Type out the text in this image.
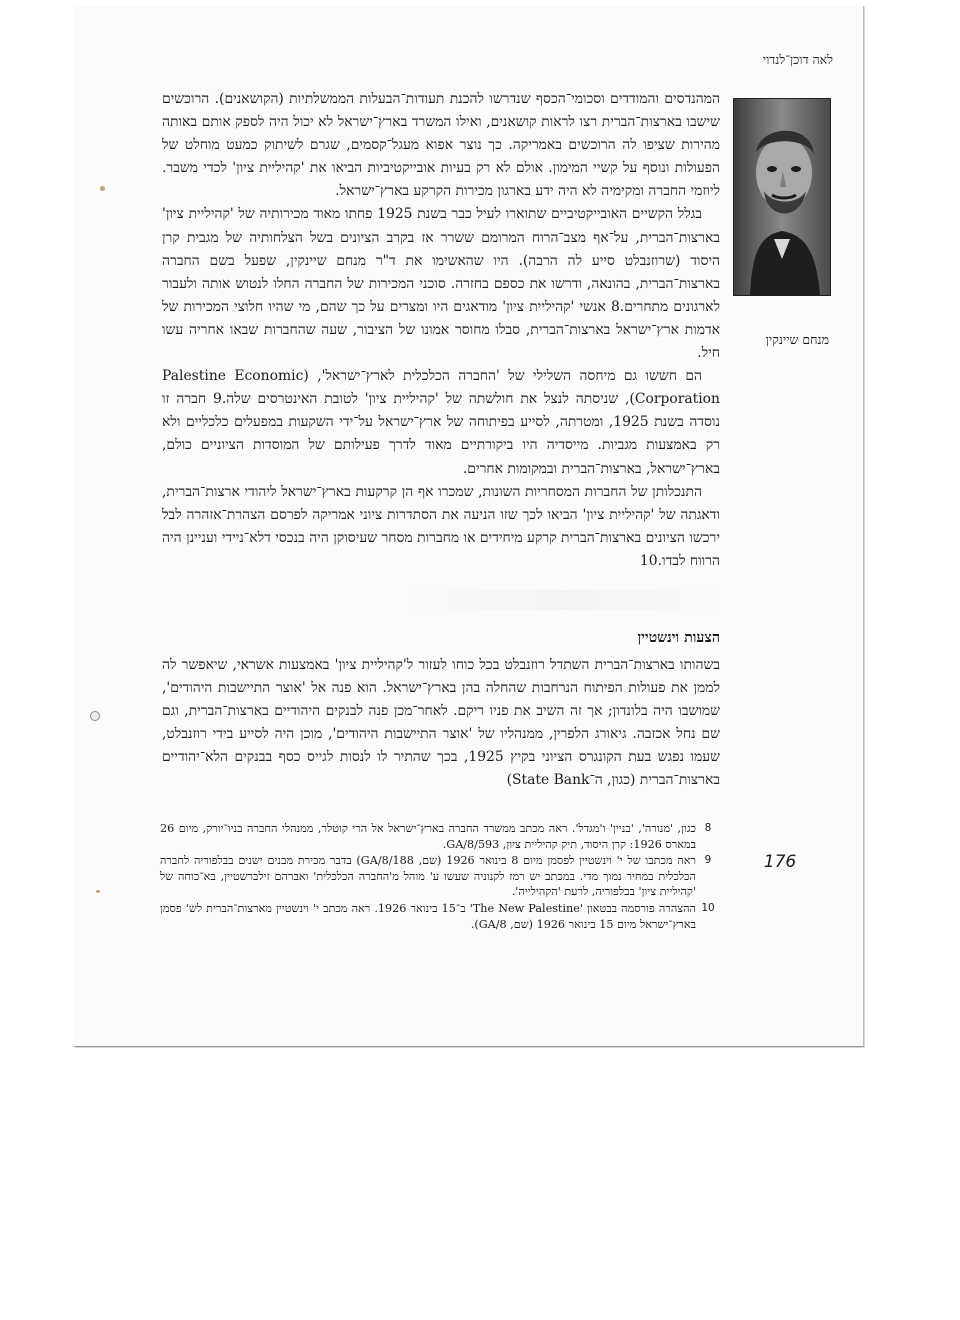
לאה דוכן־לנדוי
מנחם שיינקין

המהנדסים והמודדים וסכומי־הכסף שנדרשו להכנת תעודות־הבעלות הממשלתיות (הקושאנים). הרוכשים שישבו בארצות־הברית רצו לראות קושאנים, ואילו המשרד בארץ־ישראל לא יכול היה לספק אותם באותה מהירות שציפו לה הרוכשים באמריקה. כך נוצר אפוא מעגל־קסמים, שגרם לשיתוק כמעט מוחלט של הפעולות ונוסף על קשיי המימון. אולם לא רק בעיות אובייקטיביות הביאו את 'קהיליית ציון' לכדי משבר. ליוזמי החברה ומקימיה לא היה ידע בארגון מכירות הקרקע בארץ־ישראל.

בגלל הקשיים האובייקטיביים שתוארו לעיל כבר בשנת 1925 פחתו מאוד מכירותיה של 'קהיליית ציון' בארצות־הברית, על־אף מצב־הרוח המרומם ששרר אז בקרב הציונים בשל הצלחותיה של מגבית קרן היסוד (שרוזנבלט סייע לה הרבה). היו שהאשימו את ד"ר מנחם שיינקין, שפעל בשם החברה בארצות־הברית, בהונאה, ודרשו את כספם בחזרה. סוכני המכירות של החברה החלו לנטוש אותה ולעבור לארגונים מתחרים.8 אנשי 'קהיליית ציון' מודאגים היו ומצרים על כך שהם, מי שהיו חלוצי המכירות של אדמות ארץ־ישראל בארצות־הברית, סבלו מחוסר אמונו של הציבור, שעה שהחברות שבאו אחריה עשו חיל.

הם חששו גם מיחסה השלילי של 'החברה הכלכלית לארץ־ישראל', (Palestine Economic Corporation), שניסתה לנצל את חולשתה של 'קהיליית ציון' לטובת האינטרסים שלה.9 חברה זו נוסדה בשנת 1925, ומטרתה, לסייע בפיתוחה של ארץ־ישראל על־ידי השקעות במפעלים כלכליים ולא רק באמצעות מגביות. מייסדיה היו ביקורתיים מאוד לדרך פעילותם של המוסדות הציוניים כולם, בארץ־ישראל, בארצות־הברית ובמקומות אחרים.

התנכלותן של החברות המסחריות השונות, שמכרו אף הן קרקעות בארץ־ישראל ליהודי ארצות־הברית, ודאגתה של 'קהיליית ציון' הביאו לכך שזו הניעה את הסתדרות ציוני אמריקה לפרסם הצהרת־אזהרה לבל ירכשו הציונים בארצות־הברית קרקע מיחידים או מחברות מסחר שעיסוקן היה בנכסי דלא־ניידי ועניינן היה הרווח לבדו.10

הצעות וינשטיין

בשהותו בארצות־הברית השתדל רוזנבלט בכל כוחו לעזור ל'קהיליית ציון' באמצעות אשראי, שיאפשר לה לממן את פעולות הפיתוח הנרחבות שהחלה בהן בארץ־ישראל. הוא פנה אל 'אוצר התיישבות היהודים', שמושבו היה בלונדון; אך זה השיב את פניו ריקם. לאחר־מכן פנה לבנקים היהודיים בארצות־הברית, וגם שם נחל אכזבה. גיאורג הלפרין, ממנהליו של 'אוצר התיישבות היהודים', מוכן היה לסייע בידי רוזנבלט, שעמו נפגש בעת הקונגרס הציוני בקיץ 1925, בכך שהתיר לו לנסות לגייס כסף בבנקים הלא־יהודיים בארצות־הברית (כגון, ה־State Bank)

8
כגון, 'מנורה', 'בניין' ו'מגדל'. ראה מכתב ממשרד החברה בארץ־ישראל אל הרי קוטלר, ממנהלי החברה בניו־יורק, מיום 26 במארס 1926: קרן היסוד, תיק קהיליית ציון, GA/8/593.
9
ראה מכתבו של י' וינשטיין לפסמן מיום 8 בינואר 1926 (שם, GA/8/188) בדבר מכירת מבנים ישנים בבלפוריה לחברה הכלכלית במחיר נמוך מדי. במכתב יש רמז לקנוניה שעשו ע' מוהל מ'החברה הכלכלית' ואברהם זילברשטיין, בא־כוחה של 'קהיליית ציון' בבלפוריה, לרעת 'הקהילייה'.
10
ההצהרה פורסמה בבטאון 'The New Palestine' ב־15 בינואר 1926. ראה מכתב י' וינשטיין מארצות־הברית לש' פסמן בארץ־ישראל מיום 15 בינואר 1926 (שם, GA/8).
176
